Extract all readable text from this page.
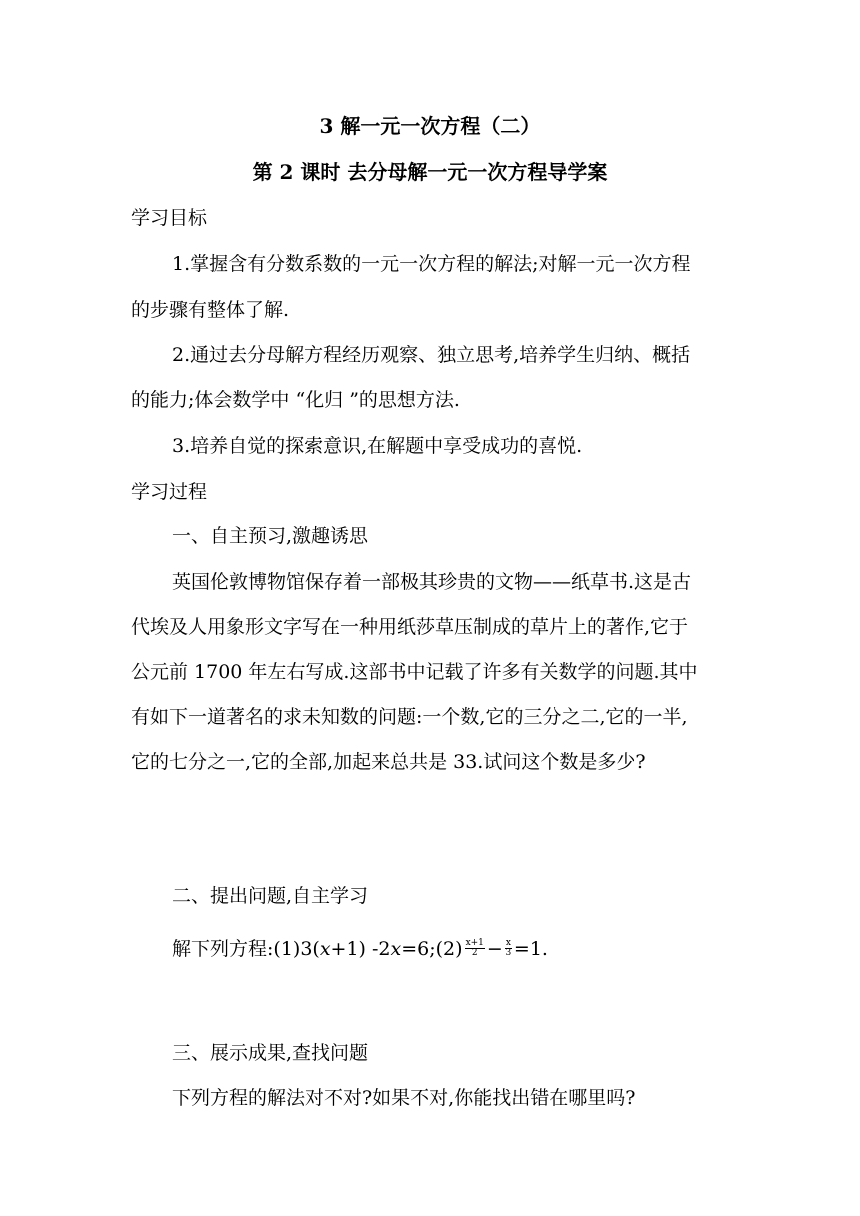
3 解一元一次方程（二）
第 2 课时 去分母解一元一次方程导学案
学习目标
1.掌握含有分数系数的一元一次方程的解法;对解一元一次方程
的步骤有整体了解.
2.通过去分母解方程经历观察、独立思考,培养学生归纳、概括
的能力;体会数学中 “化归 ”的思想方法.
3.培养自觉的探索意识,在解题中享受成功的喜悦.
学习过程
一、自主预习,激趣诱思
英国伦敦博物馆保存着一部极其珍贵的文物——纸草书.这是古
代埃及人用象形文字写在一种用纸莎草压制成的草片上的著作,它于
公元前 1700 年左右写成.这部书中记载了许多有关数学的问题.其中
有如下一道著名的求未知数的问题:一个数,它的三分之二,它的一半,
它的七分之一,它的全部,加起来总共是 33.试问这个数是多少?
二、提出问题,自主学习
解下列方程:(1)3(x+1) -2x=6;(2) $\frac{x+1}{2} - \frac{x}{3} =1$.
三、展示成果,查找问题
下列方程的解法对不对?如果不对,你能找出错在哪里吗?
